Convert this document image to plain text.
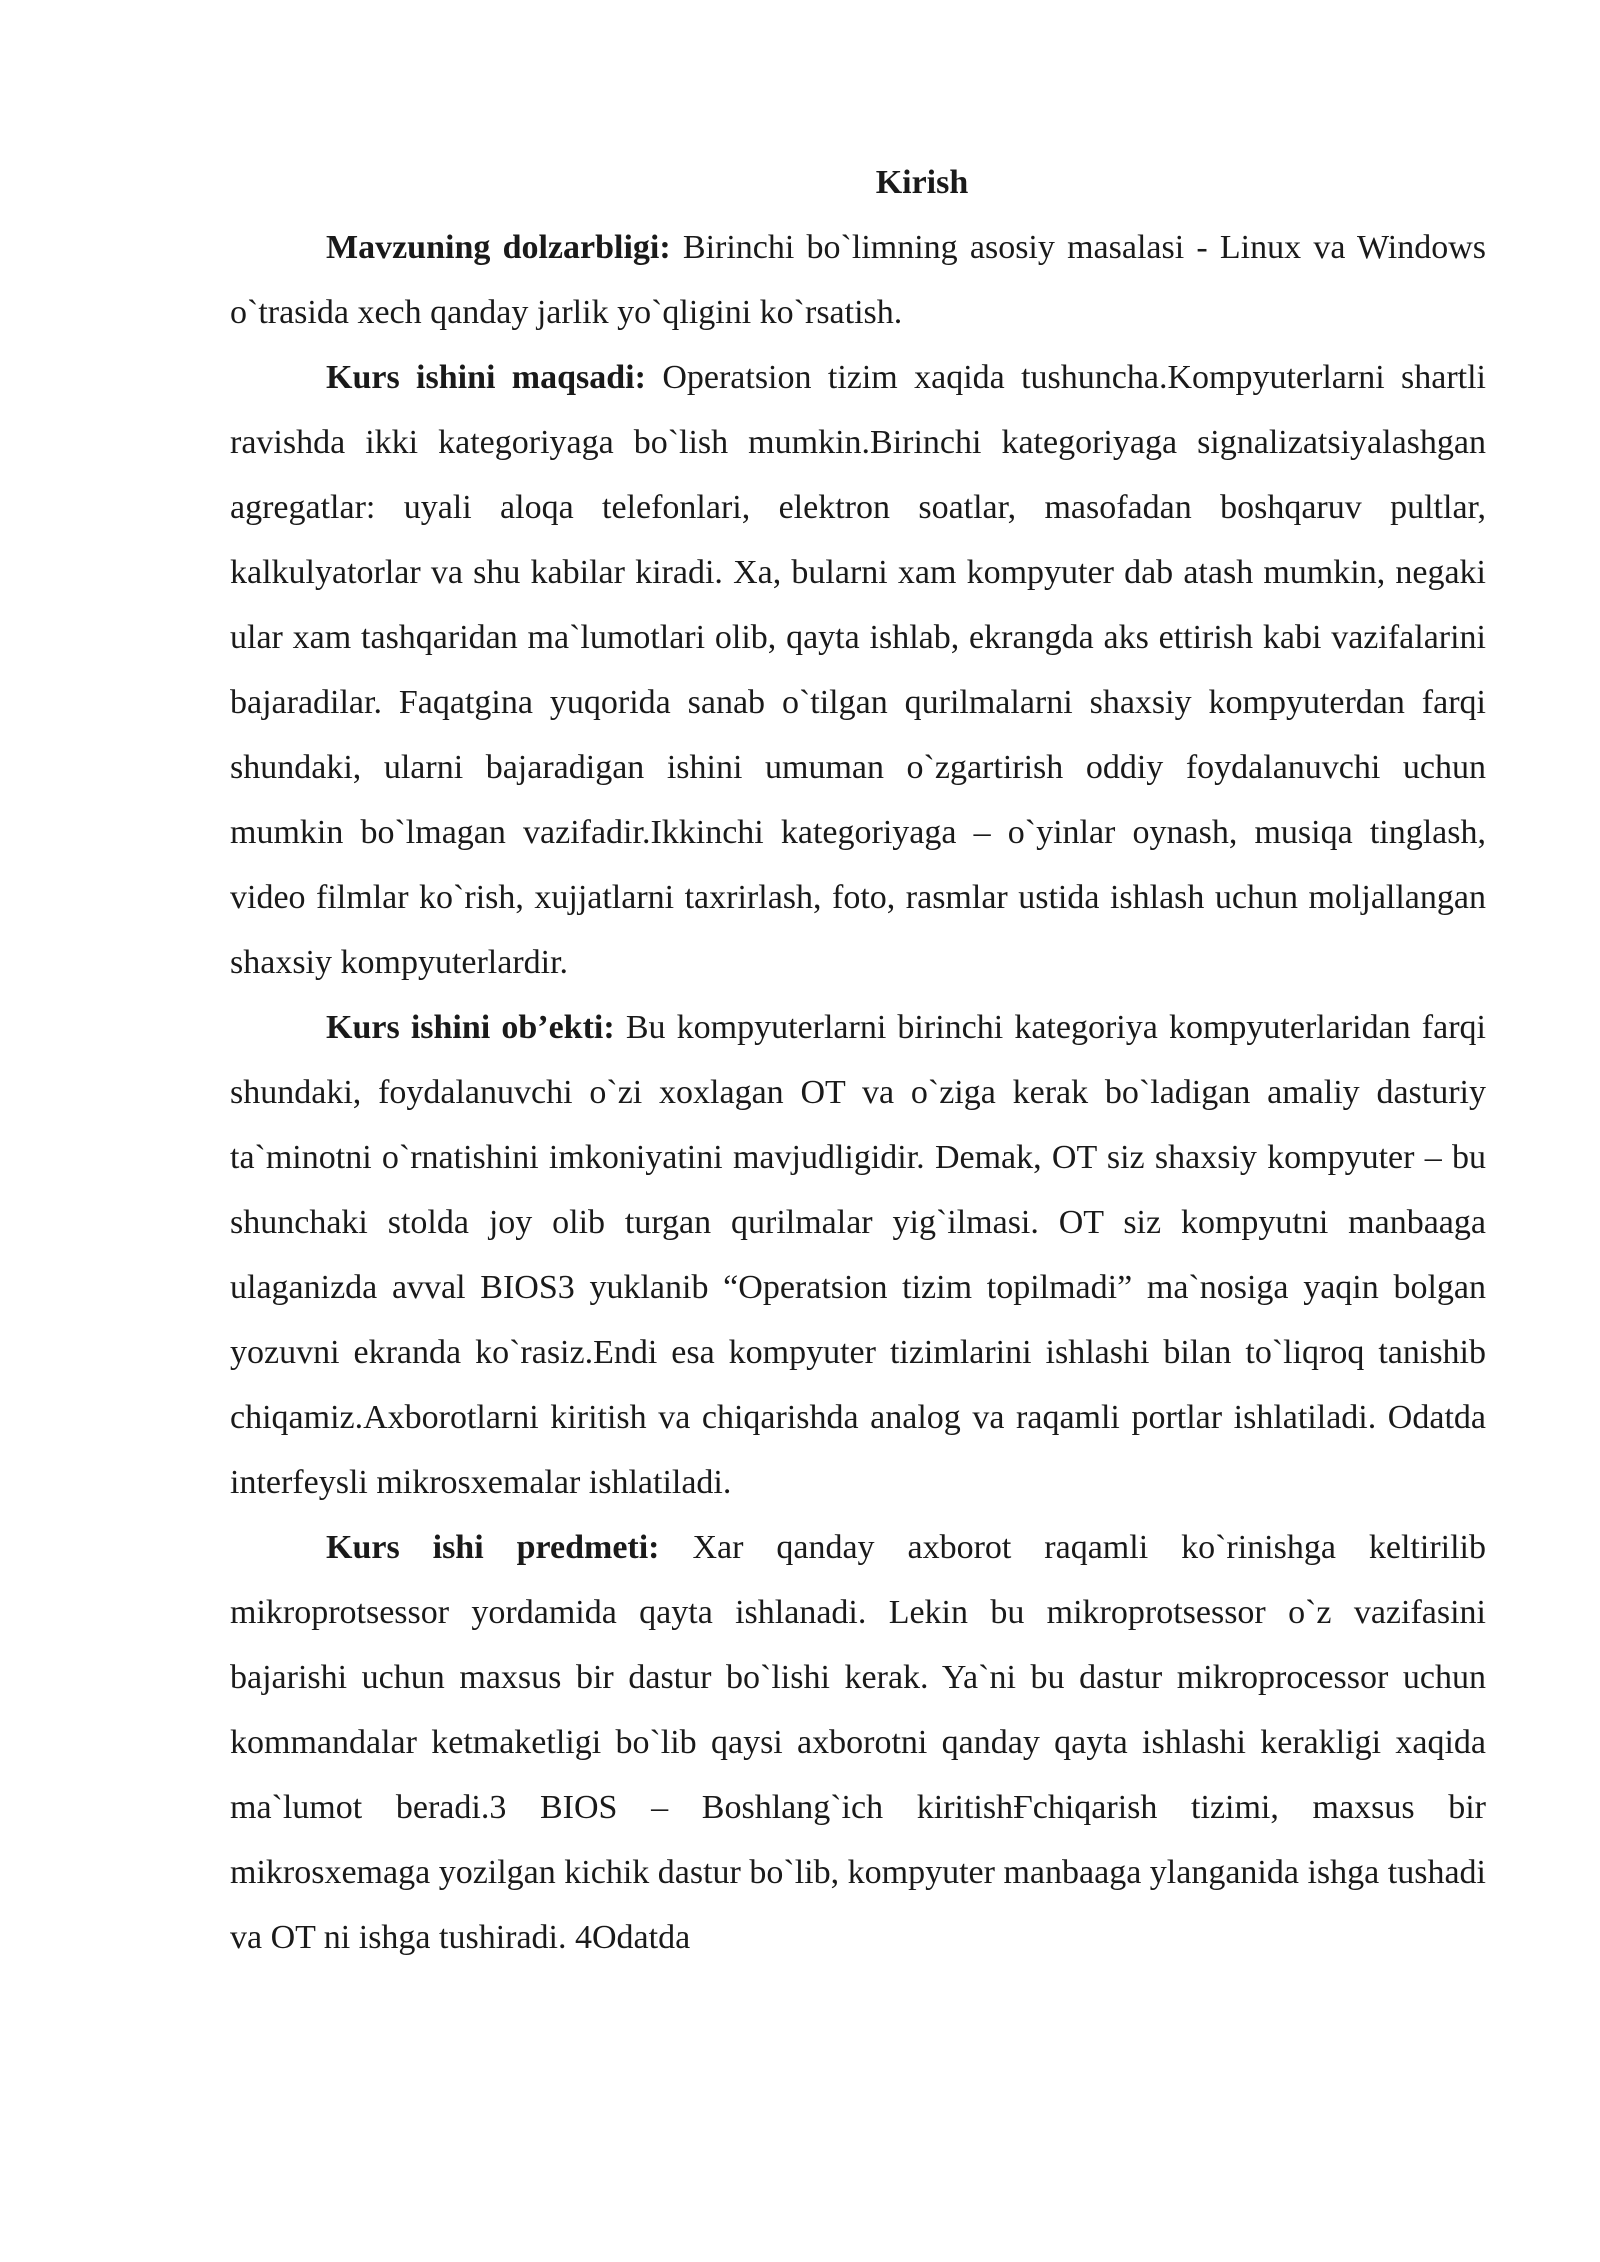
Kirish

Mavzuning dolzarbligi: Birinchi bo`limning asosiy masalasi - Linux va Windows o`trasida xech qanday jarlik yo`qligini ko`rsatish.

Kurs ishini maqsadi: Operatsion tizim xaqida tushuncha.Kompyuterlarni shartli ravishda ikki kategoriyaga bo`lish mumkin.Birinchi kategoriyaga signalizatsiyalashgan agregatlar: uyali aloqa telefonlari, elektron soatlar, masofadan boshqaruv pultlar, kalkulyatorlar va shu kabilar kiradi. Xa, bularni xam kompyuter dab atash mumkin, negaki ular xam tashqaridan ma`lumotlari olib, qayta ishlab, ekrangda aks ettirish kabi vazifalarini bajaradilar. Faqatgina yuqorida sanab o`tilgan qurilmalarni shaxsiy kompyuterdan farqi shundaki, ularni bajaradigan ishini umuman o`zgartirish oddiy foydalanuvchi uchun mumkin bo`lmagan vazifadir.Ikkinchi kategoriyaga – o`yinlar oynash, musiqa tinglash, video filmlar ko`rish, xujjatlarni taxrirlash, foto, rasmlar ustida ishlash uchun moljallangan shaxsiy kompyuterlardir.

Kurs ishini ob’ekti: Bu kompyuterlarni birinchi kategoriya kompyuterlaridan farqi shundaki, foydalanuvchi o`zi xoxlagan OT va o`ziga kerak bo`ladigan amaliy dasturiy ta`minotni o`rnatishini imkoniyatini mavjudligidir. Demak, OT siz shaxsiy kompyuter – bu shunchaki stolda joy olib turgan qurilmalar yig`ilmasi. OT siz kompyutni manbaaga ulaganizda avval BIOS3 yuklanib “Operatsion tizim topilmadi” ma`nosiga yaqin bolgan yozuvni ekranda ko`rasiz.Endi esa kompyuter tizimlarini ishlashi bilan to`liqroq tanishib chiqamiz.Axborotlarni kiritish va chiqarishda analog va raqamli portlar ishlatiladi. Odatda interfeysli mikrosxemalar ishlatiladi.

Kurs ishi predmeti: Xar qanday axborot raqamli ko`rinishga keltirilib mikroprotsessor yordamida qayta ishlanadi. Lekin bu mikroprotsessor o`z vazifasini bajarishi uchun maxsus bir dastur bo`lishi kerak. Ya`ni bu dastur mikroprocessor uchun kommandalar ketmaketligi bo`lib qaysi axborotni qanday qayta ishlashi kerakligi xaqida ma`lumot beradi.3 BIOS – Boshlang`ich kiritishҒchiqarish tizimi, maxsus bir mikrosxemaga yozilgan kichik dastur bo`lib, kompyuter manbaaga ylanganida ishga tushadi va OT ni ishga tushiradi. 4Odatda
